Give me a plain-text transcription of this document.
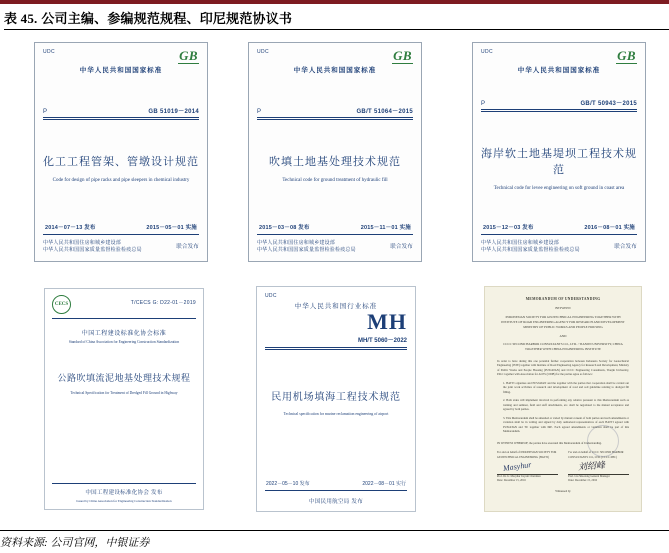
表 45. 公司主编、参编规范规程、印尼规范协议书
UDC	GB
中华人民共和国国家标准
P	GB 51019－2014
化工工程管架、管墩设计规范
Code for design of pipe racks and pipe sleepers in chemical industry
2014－07－13 发布	2015－05－01 实施
中华人民共和国住房和城乡建设部
中华人民共和国国家质量监督检验检疫总局
联合发布
UDC	GB
中华人民共和国国家标准
P	GB/T 51064－2015
吹填土地基处理技术规范
Technical code for ground treatment of hydraulic fill
2015－03－08 发布	2015－11－01 实施
中华人民共和国住房和城乡建设部
中华人民共和国国家质量监督检验检疫总局
联合发布
UDC	GB
中华人民共和国国家标准
P	GB/T 50943－2015
海岸软土地基堤坝工程技术规范
Technical code for levee engineering on soft ground in coast area
2015－12－03 发布	2016－08－01 实施
中华人民共和国住房和城乡建设部
中华人民共和国国家质量监督检验检疫总局
联合发布
CECS	T/CECS G: D22-01－2019
中国工程建设标准化协会标准
Standard of China Association for Engineering Construction Standardization
公路吹填流泥地基处理技术规程
Technical Specification for Treatment of Dredged Fill Ground in Highway
中国工程建设标准化协会 发布
Issued by China Association for Engineering Construction Standardization
UDC
中华人民共和国行业标准
MH
MH/T 5060－2022
民用机场填海工程技术规范
Technical specification for marine reclamation engineering of airport
2022－05－10 发布	2022－08－01 实行
中国民用航空局 发布
MEMORANDUM OF UNDERSTANDING
BETWEEN
INDONESIAN SOCIETY FOR GEOTECHNICAL ENGINEERING TOGETHER WITH INSTITUTE OF ROAD ENGINEERING AGENCY FOR RESEARCH AND DEVELOPMENT MINISTRY OF PUBLIC WORKS AND PEOPLE HOUSING
AND
CCCC SECOND HARBOR CONSULTANTS CO., LTD. / TIANJIN UNIVERSITY, CHINA TOGETHER WITH CHINA ENGINEERING INSTITUTE
In order to have during this one potential further cooperation between Indonesia Society for Geotechnical Engineering (ISTE) together with Institute of Road Engineering Agency for Research and Development, Ministry of Public Works and People Housing (PUSJATAN) and CCCC Engineering Consultants, Tianjin University, P.R.C together with Association for ACES (CIDB) for the parties agree as follows:
1. HATTI organizes and PUSJATAN and the together with the parties that cooperation shall be carried out the joint work activities of research and development of road and soil guideline relating to dredged fill filling.
2. Both sides will implement involved in performing any relative pursuant to this Memorandum such as training and seminar, field and staff attachments, etc. shall be negotiated to the mutual acceptance and agreed by both parties.
3. This Memorandum shall be amended or varied by mutual consent of both parties and such amendments or variation shall be in writing and signed by duly authorized representatives of each HATTI agreed with PUSJATAN and TU together with IRE. Each agreed amendments or variation shall be part of this Memorandum.
IN WITNESS WHEREOF, the parties have executed this Memorandum of Understanding.
For and on behalf of INDONESIAN SOCIETY FOR GEOTECHNICAL ENGINEERING (HATTI)
Masyhur
Prof. Dr. Ir. Masyhur Irsyam Chairman
Date: December 15, 2016
For and on behalf of CCCC SECOND HARBOR CONSULTANTS CO., LTD. (CCCC-SHC)
刘绍峰
Prof. Liu Shaofeng General Manager
Date: December 15, 2016
Witnessed by
资料来源: 公司官网，中银证券
